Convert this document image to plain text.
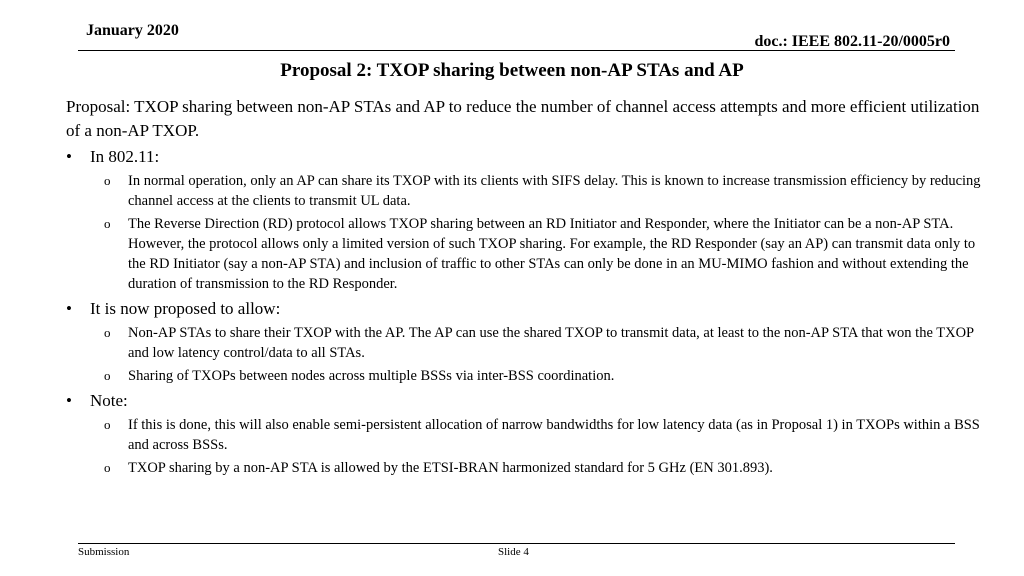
January 2020
doc.: IEEE 802.11-20/0005r0
Proposal 2: TXOP sharing between non-AP STAs and AP

Proposal: TXOP sharing between non-AP STAs and AP to reduce the number of channel access attempts and more efficient utilization of a non-AP TXOP.

• In 802.11:
o In normal operation, only an AP can share its TXOP with its clients with SIFS delay. This is known to increase transmission efficiency by reducing channel access at the clients to transmit UL data.
o The Reverse Direction (RD) protocol allows TXOP sharing between an RD Initiator and Responder, where the Initiator can be a non-AP STA. However, the protocol allows only a limited version of such TXOP sharing. For example, the RD Responder (say an AP) can transmit data only to the RD Initiator (say a non-AP STA) and inclusion of traffic to other STAs can only be done in an MU-MIMO fashion and without extending the duration of transmission to the RD Responder.
• It is now proposed to allow:
o Non-AP STAs to share their TXOP with the AP. The AP can use the shared TXOP to transmit data, at least to the non-AP STA that won the TXOP and low latency control/data to all STAs.
o Sharing of TXOPs between nodes across multiple BSSs via inter-BSS coordination.
• Note:
o If this is done, this will also enable semi-persistent allocation of narrow bandwidths for low latency data (as in Proposal 1) in TXOPs within a BSS and across BSSs.
o TXOP sharing by a non-AP STA is allowed by the ETSI-BRAN harmonized standard for 5 GHz (EN 301.893).
Submission	Slide 4
